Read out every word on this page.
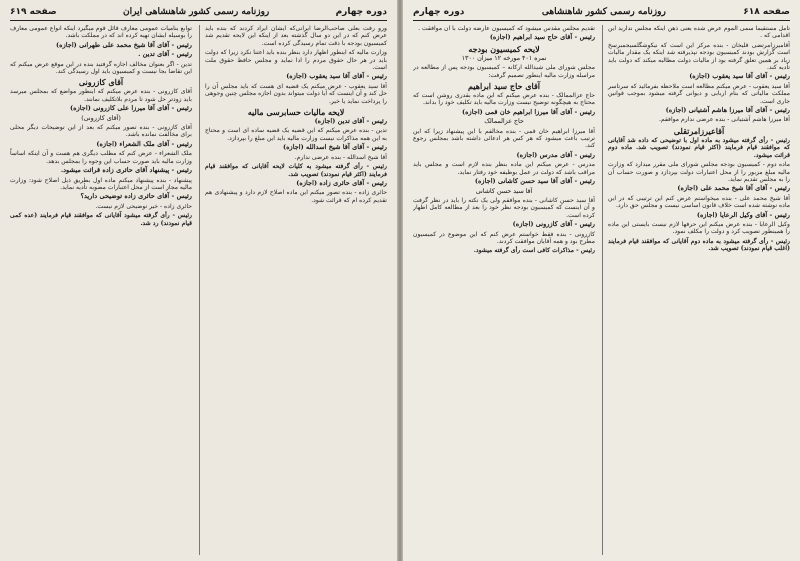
دوره چهارم
روزنامه رسمی کشور شاهنشاهی ایران
صفحه ۶۱۹

ورو رفت بعلی صاحب‌الرضا ایرانی‌که ایشان ایراد کردند که بنده باید عرض کنم که در این دو سال گذشته بعد از اینکه این لایحه تقدیم شد کمیسیون بودجه با دقت تمام رسیدگی کرده است.

وزارت مالیه که اینطور اظهار دارد بنظر بنده باید اعتنا نکرد زیرا که دولت باید در هر حال حقوق مردم را ادا نماید و مجلس حافظ حقوق ملت است.

رئیس - آقای آقا سید یعقوب (اجازه)

آقا سید یعقوب - عرض میکنم یک قضیه ای هست که باید مجلس آن را حل کند و آن اینست که آیا دولت میتواند بدون اجازه مجلس چنین وجوهی را پرداخت نماید یا خیر.

لایحه مالیات حسابرسی مالیه

رئیس - آقای تدین (اجازه)

تدین - بنده عرض میکنم که این قضیه یک قضیه ساده ای است و محتاج به این همه مذاکرات نیست وزارت مالیه باید این مبلغ را بپردازد.

رئیس - آقای آقا شیخ اسدالله (اجازه)

آقا شیخ اسدالله - بنده عرضی ندارم.

رئیس - رأی گرفته میشود به کلیات لایحه آقایانی که موافقند قیام فرمایند (اکثر قیام نمودند) تصویب شد.

رئیس - آقای حائری زاده (اجازه)

حائری زاده - بنده تصور میکنم این ماده اصلاح لازم دارد و پیشنهادی هم تقدیم کرده ام که قرائت شود.

توابع بنامیات عمومی معارف قائل قوم میگیرد اینکه انواع عمومی معارف را بوسیله ایشان تهیه کرده اند که در مملکت باشد.

رئیس - آقای آقا شیخ محمد علی طهرانی (اجازه)

رئیس - آقای تدین .

تدین - اگر بعنوان مخالف اجازه گرفتید بنده در این موقع عرض میکنم که این تقاضا بجا نیست و کمیسیون باید اول رسیدگی کند.

آقای کازرونی

آقای کازرونی - بنده عرض میکنم که اینطور مواضع که بمجلس میرسد باید زودتر حل شود تا مردم بلاتکلیف نمانند.

رئیس - آقای آقا میرزا علی کازرونی (اجازه)

(آقای کازرونی)

آقای کازرونی - بنده تصور میکنم که بعد از این توضیحات دیگر محلی برای مخالفت نمانده باشد.

رئیس - آقای ملک الشعراء (اجازه)

ملک الشعراء - عرض کنم که مطلب دیگری هم هست و آن اینکه اساساً وزارت مالیه باید صورت حساب این وجوه را بمجلس بدهد.

رئیس - پیشنهاد آقای حائری زاده قرائت میشود.

پیشنهاد - بنده پیشنهاد میکنم ماده اول بطریق ذیل اصلاح شود: وزارت مالیه مجاز است از محل اعتبارات مصوبه تأدیه نماید.

رئیس - آقای حائری زاده توضیحی دارید؟

حائری زاده - خیر توضیحی لازم نیست.

رئیس - رأی گرفته میشود آقایانی که موافقند قیام فرمایند (عده کمی قیام نمودند) رد شد.

صفحه ۶۱۸
روزنامه رسمی کشور شاهنشاهی
دوره چهارم

تامل مستقیماً سمی الموم عرض شده بعنی ذهن اینکه مجلس ندارید این اقدامی که .

آقامیرزامرتضی قلیخان - بنده مرکز این است که نیکوشگلسیجمبرسخ است گزارش بودند کمیسیون بودجه نپذیرفته شد اینکه یک مقدار مالیات زیاد بر همین تعلق گرفته بود از مالیات دولت مطالبه میکند که دولت باید تأدیه کند.

رئیس - آقای آقا سید یعقوب (اجازه)

آقا سید یعقوب - عرض میکنم مطالعه است ملاحظه بفرمائید که سرتاسر مملکت مالیاتی که بنام اربابی و دیوانی گرفته میشود بموجب قوانین جاری است.

رئیس - آقای آقا میرزا هاشم آشتیانی (اجازه)

آقا میرزا هاشم آشتیانی - بنده عرضی ندارم موافقم.

آقاعیرزامرتقلی

رئیس - رأی گرفته میشود به ماده اول با توضیحی که داده شد آقایانی که موافقند قیام فرمایند (اکثر قیام نمودند) تصویب شد. ماده دوم قرائت میشود.

ماده دوم - کمیسیون بودجه مجلس شورای ملی مقرر میدارد که وزارت مالیه مبلغ مزبور را از محل اعتبارات دولت بپردازد و صورت حساب آن را به مجلس تقدیم نماید.

رئیس - آقای آقا شیخ محمد علی (اجازه)

آقا شیخ محمد علی - بنده میخواستم عرض کنم این ترتیبی که در این ماده نوشته شده است خلاف قانون اساسی نیست و مجلس حق دارد.

رئیس - آقای وکیل الرعایا (اجازه)

وکیل الرعایا - بنده عرض میکنم این حرفها لازم نیست بایستی این ماده را همینطور تصویب کرد و دولت را مکلف نمود.

رئیس - رأی گرفته میشود به ماده دوم آقایانی که موافقند قیام فرمایند (اغلب قیام نمودند) تصویب شد.

تقدیم مجلس مقدس میشود که کمیسیون عارضه دولت با آن موافقت .

رئیس - آقای حاج سید ابراهیم (اجازه)

لایحه کمیسیون بودجه
نمره ۴۰۱ مورخه ۱۲ میزان ۱۳۰۰

مجلس شورای ملی شیدالله ارکانه – کمیسیون بودجه پس از مطالعه در مراسله وزارت مالیه اینطور تصمیم گرفت:

آقای حاج سید ابراهیم

حاج عزالممالک - بنده عرض میکنم که این ماده بقدری روشن است که محتاج به هیچگونه توضیح نیست وزارت مالیه باید تکلیف خود را بداند.

رئیس - آقای آقا میرزا ابراهیم خان قمی (اجازه)

حاج عزالممالک

آقا میرزا ابراهیم خان قمی - بنده مخالفم با این پیشنهاد زیرا که این ترتیب باعث میشود که هر کس هر ادعائی داشته باشد بمجلس رجوع کند.

رئیس - آقای مدرس (اجازه)

مدرس - عرض میکنم این ماده بنظر بنده لازم است و مجلس باید مراقب باشد که دولت در عمل بوظیفه خود رفتار نماید.

رئیس - آقای آقا سید حسن کاشانی (اجازه)

آقا سید حسن کاشانی

آقا سید حسن کاشانی - بنده موافقم ولی یک نکته را باید در نظر گرفت و آن اینست که کمیسیون بودجه نظر خود را بعد از مطالعه کامل اظهار کرده است.

رئیس - آقای کازرونی (اجازه)

کازرونی - بنده فقط خواستم عرض کنم که این موضوع در کمیسیون مطرح بود و همه آقایان موافقت کردند.

رئیس - مذاکرات کافی است رأی گرفته میشود.
